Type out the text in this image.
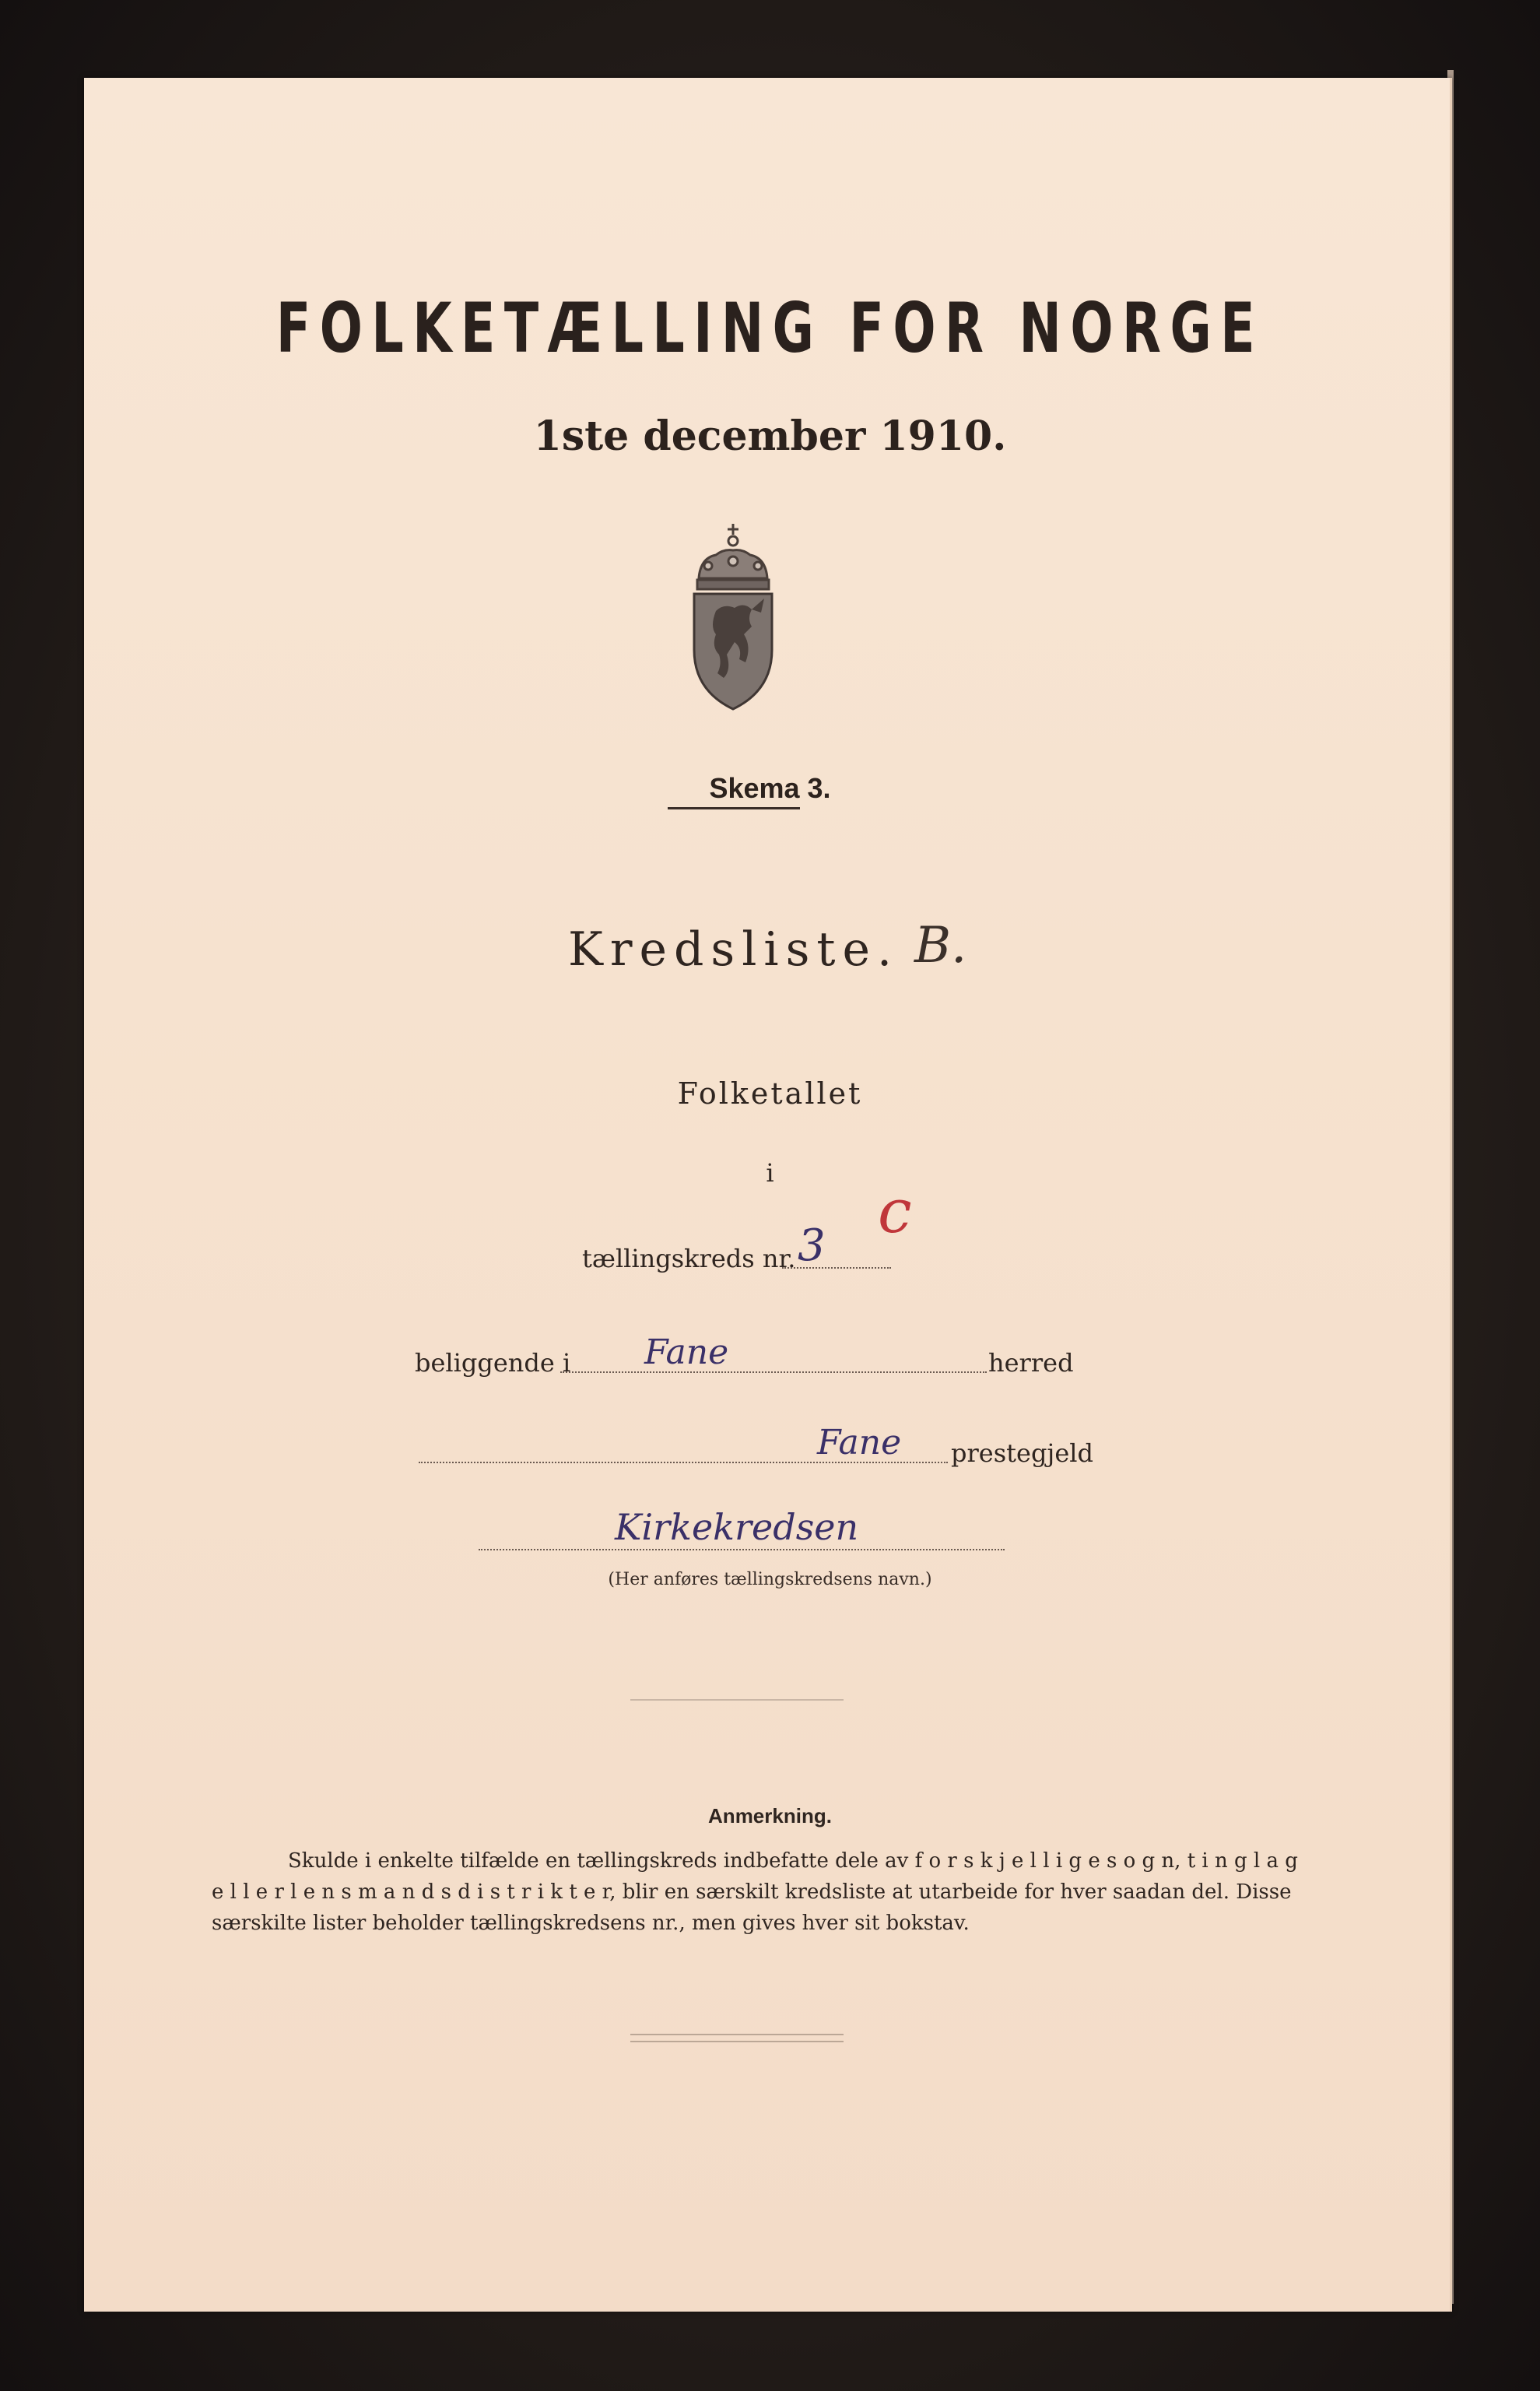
FOLKETÆLLING FOR NORGE
1ste december 1910.
Skema 3.
Kredsliste. B.
Folketallet
i
tællingskreds nr. 3 c
beliggende i Fane	herred
Fane prestegjeld
Kirkekredsen
(Her anføres tællingskredsens navn.)
Anmerkning.
Skulde i enkelte tilfælde en tællingskreds indbefatte dele av f o r s k j e l l i g e s o g n, t i n g l a g
e l l e r l e n s m a n d s d i s t r i k t e r, blir en særskilt kredsliste at utarbeide for hver saadan del. Disse
særskilte lister beholder tællingskredsens nr., men gives hver sit bokstav.
